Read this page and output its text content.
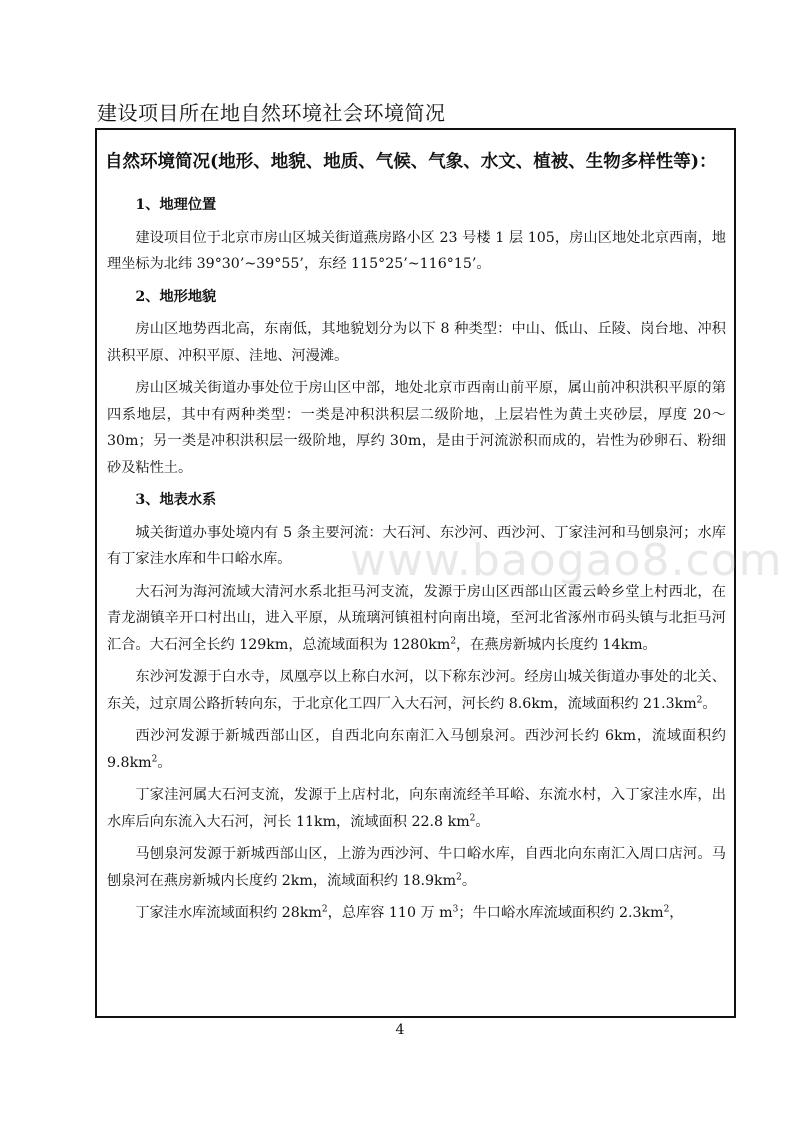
建设项目所在地自然环境社会环境简况
自然环境简况(地形、地貌、地质、气候、气象、水文、植被、生物多样性等)：
1、地理位置

建设项目位于北京市房山区城关街道燕房路小区 23 号楼 1 层 105，房山区地处北京西南，地理坐标为北纬 39°30’~39°55’，东经 115°25’~116°15’。

2、地形地貌

房山区地势西北高，东南低，其地貌划分为以下 8 种类型：中山、低山、丘陵、岗台地、冲积洪积平原、冲积平原、洼地、河漫滩。

房山区城关街道办事处位于房山区中部，地处北京市西南山前平原，属山前冲积洪积平原的第四系地层，其中有两种类型：一类是冲积洪积层二级阶地，上层岩性为黄土夹砂层，厚度 20～30m；另一类是冲积洪积层一级阶地，厚约 30m，是由于河流淤积而成的，岩性为砂卵石、粉细砂及粘性土。

3、地表水系

城关街道办事处境内有 5 条主要河流：大石河、东沙河、西沙河、丁家洼河和马刨泉河；水库有丁家洼水库和牛口峪水库。

大石河为海河流域大清河水系北拒马河支流，发源于房山区西部山区霞云岭乡堂上村西北，在青龙湖镇辛开口村出山，进入平原，从琉璃河镇祖村向南出境，至河北省涿州市码头镇与北拒马河汇合。大石河全长约 129km，总流域面积为 $1280km^2$，在燕房新城内长度约 14km。

东沙河发源于白水寺，凤凰亭以上称白水河，以下称东沙河。经房山城关街道办事处的北关、东关，过京周公路折转向东，于北京化工四厂入大石河，河长约 8.6km，流域面积约 $21.3km^2$。

西沙河发源于新城西部山区，自西北向东南汇入马刨泉河。西沙河长约 6km，流域面积约 $9.8km^2$。

丁家洼河属大石河支流，发源于上店村北，向东南流经羊耳峪、东流水村，入丁家洼水库，出水库后向东流入大石河，河长 11km，流域面积 22.8 $km^2$。

马刨泉河发源于新城西部山区，上游为西沙河、牛口峪水库，自西北向东南汇入周口店河。马刨泉河在燕房新城内长度约 2km，流域面积约 $18.9km^2$。

丁家洼水库流域面积约 $28km^2$，总库容 110 万 $m^3$；牛口峪水库流域面积约 $2.3km^2$，

www.baogao8.com
4
